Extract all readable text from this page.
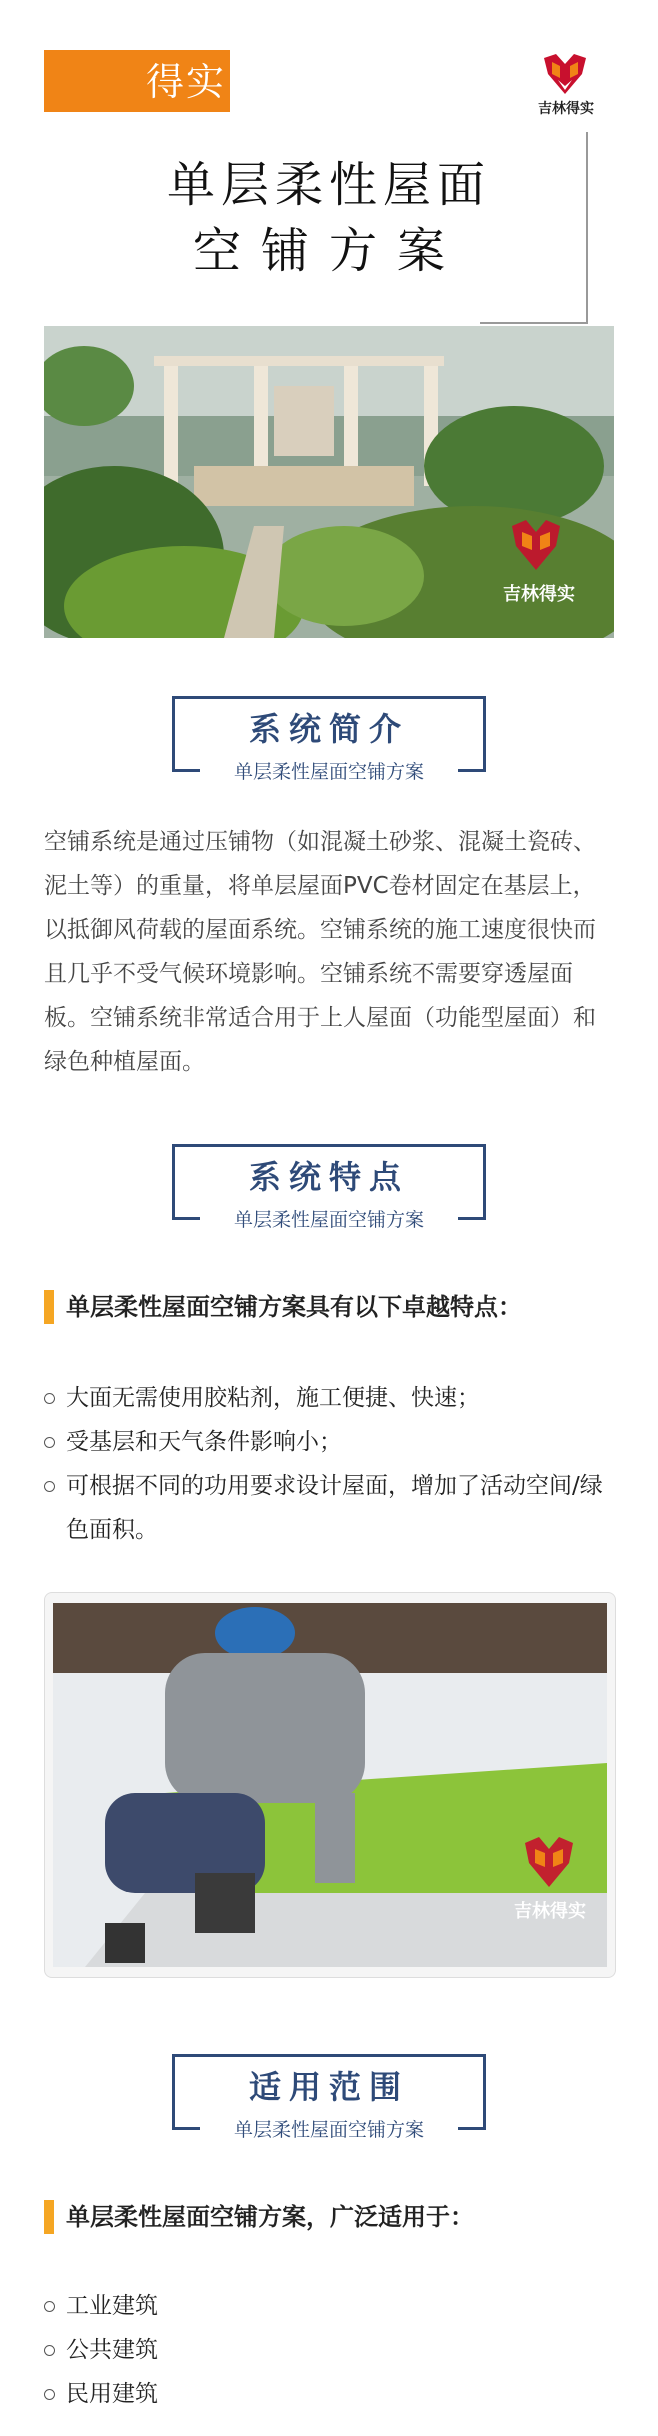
得实
吉林得实
单层柔性屋面
空铺方案
吉林得实
系统简介
单层柔性屋面空铺方案
空铺系统是通过压铺物（如混凝土砂浆、混凝土瓷砖、泥土等）的重量，将单层屋面PVC卷材固定在基层上，以抵御风荷载的屋面系统。空铺系统的施工速度很快而且几乎不受气候环境影响。空铺系统不需要穿透屋面板。空铺系统非常适合用于上人屋面（功能型屋面）和绿色种植屋面。
系统特点
单层柔性屋面空铺方案
单层柔性屋面空铺方案具有以下卓越特点：
大面无需使用胶粘剂，施工便捷、快速；
受基层和天气条件影响小；
可根据不同的功用要求设计屋面，增加了活动空间/绿色面积。
吉林得实
适用范围
单层柔性屋面空铺方案
单层柔性屋面空铺方案，广泛适用于：
工业建筑
公共建筑
民用建筑
